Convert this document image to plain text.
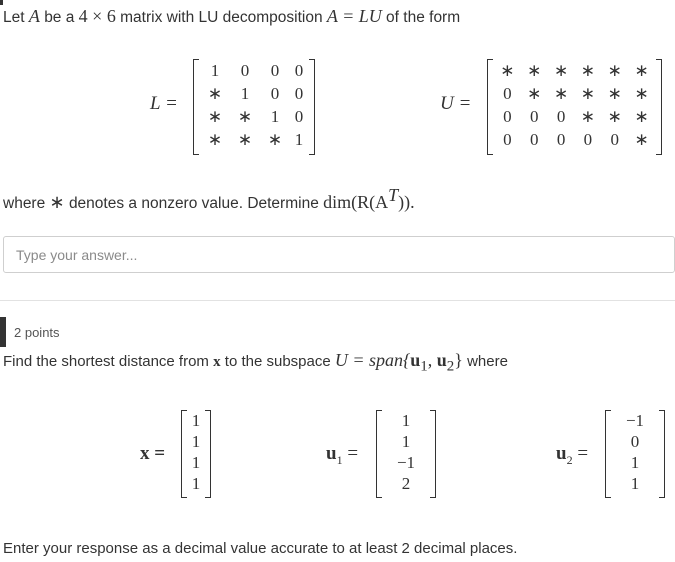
Let A be a 4 × 6 matrix with LU decomposition A = LU of the form
L =
1	0	0	0
∗	1	0	0
∗	∗	1	0
∗	∗	∗	1
U =
∗	∗	∗	∗	∗	∗
0	∗	∗	∗	∗	∗
0	0	0	∗	∗	∗
0	0	0	0	0	∗
where ∗ denotes a nonzero value. Determine $dim(R(A^T))$.
Type your answer...
2 points
Find the shortest distance from x to the subspace $U = span\{u_1$, $u_2$} where
x =
1
1
1
1
$u_1$ =
1
1
−1
2
$u_2$ =
−1
0
1
1
Enter your response as a decimal value accurate to at least 2 decimal places.
